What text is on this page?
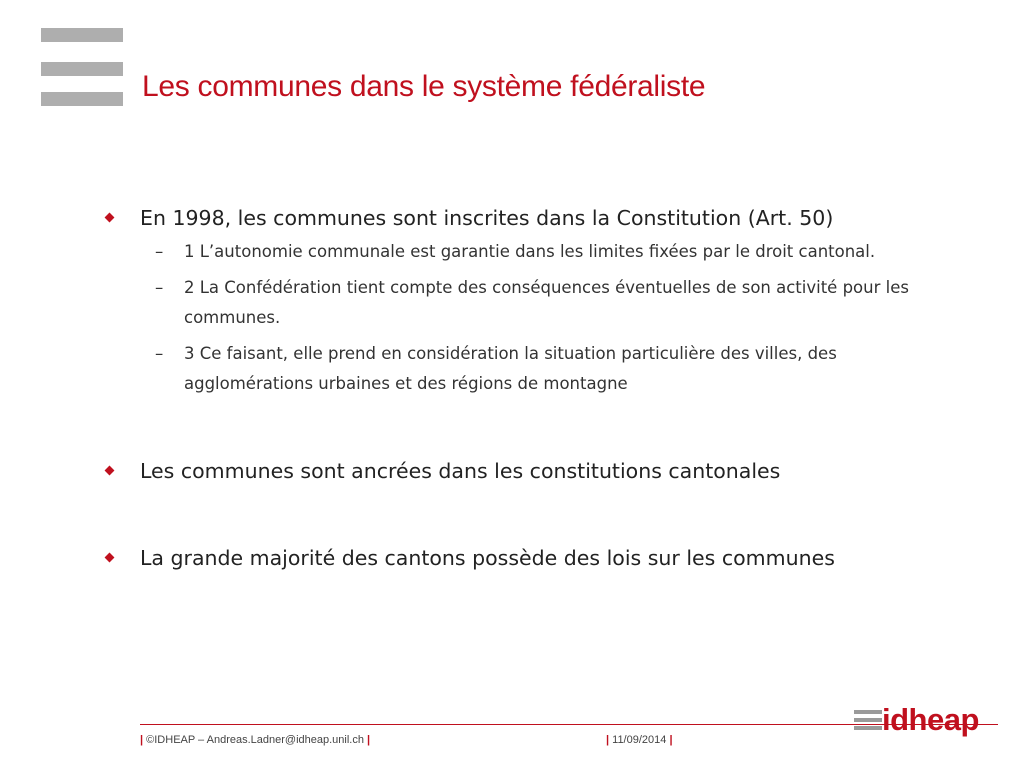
Les communes dans le système fédéraliste
En 1998, les communes sont inscrites dans la Constitution (Art. 50)
– 1 L’autonomie communale est garantie dans les limites fixées par le droit cantonal.
– 2 La Confédération tient compte des conséquences éventuelles de son activité pour les communes.
– 3 Ce faisant, elle prend en considération la situation particulière des villes, des agglomérations urbaines et des régions de montagne
Les communes sont ancrées dans les constitutions cantonales
La grande majorité des cantons possède des lois sur les communes
| ©IDHEAP – Andreas.Ladner@idheap.unil.ch |	| 11/09/2014 |
idheap
